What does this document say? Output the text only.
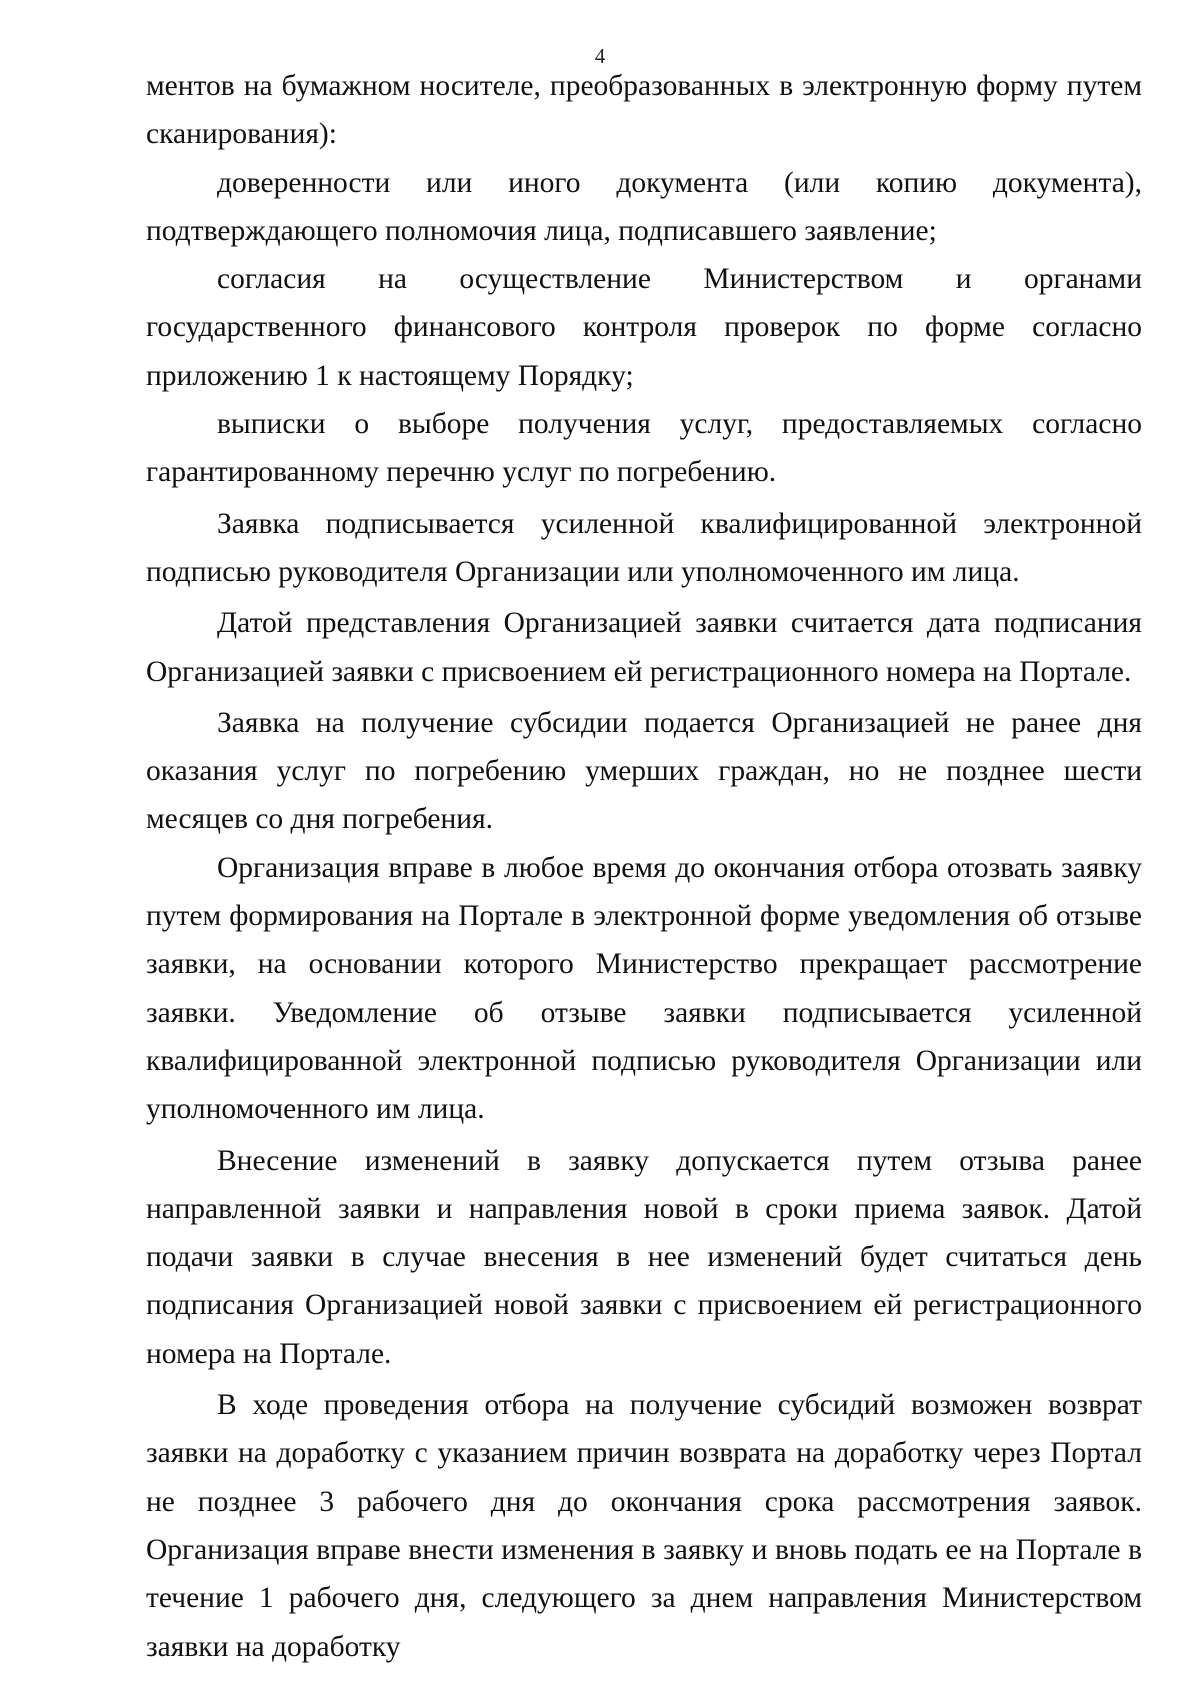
4

ментов на бумажном носителе, преобразованных в электронную форму путем сканирования):

доверенности или иного документа (или копию документа), подтверждающего полномочия лица, подписавшего заявление;

согласия на осуществление Министерством и органами государственного финансового контроля проверок по форме согласно приложению 1 к настоящему Порядку;

выписки о выборе получения услуг, предоставляемых согласно гарантированному перечню услуг по погребению.

Заявка подписывается усиленной квалифицированной электронной подписью руководителя Организации или уполномоченного им лица.

Датой представления Организацией заявки считается дата подписания Организацией заявки с присвоением ей регистрационного номера на Портале.

Заявка на получение субсидии подается Организацией не ранее дня оказания услуг по погребению умерших граждан, но не позднее шести месяцев со дня погребения.

Организация вправе в любое время до окончания отбора отозвать заявку путем формирования на Портале в электронной форме уведомления об отзыве заявки, на основании которого Министерство прекращает рассмотрение заявки. Уведомление об отзыве заявки подписывается усиленной квалифицированной электронной подписью руководителя Организации или уполномоченного им лица.

Внесение изменений в заявку допускается путем отзыва ранее направленной заявки и направления новой в сроки приема заявок. Датой подачи заявки в случае внесения в нее изменений будет считаться день подписания Организацией новой заявки с присвоением ей регистрационного номера на Портале.

В ходе проведения отбора на получение субсидий возможен возврат заявки на доработку с указанием причин возврата на доработку через Портал не позднее 3 рабочего дня до окончания срока рассмотрения заявок. Организация вправе внести изменения в заявку и вновь подать ее на Портале в течение 1 рабочего дня, следующего за днем направления Министерством заявки на доработку
